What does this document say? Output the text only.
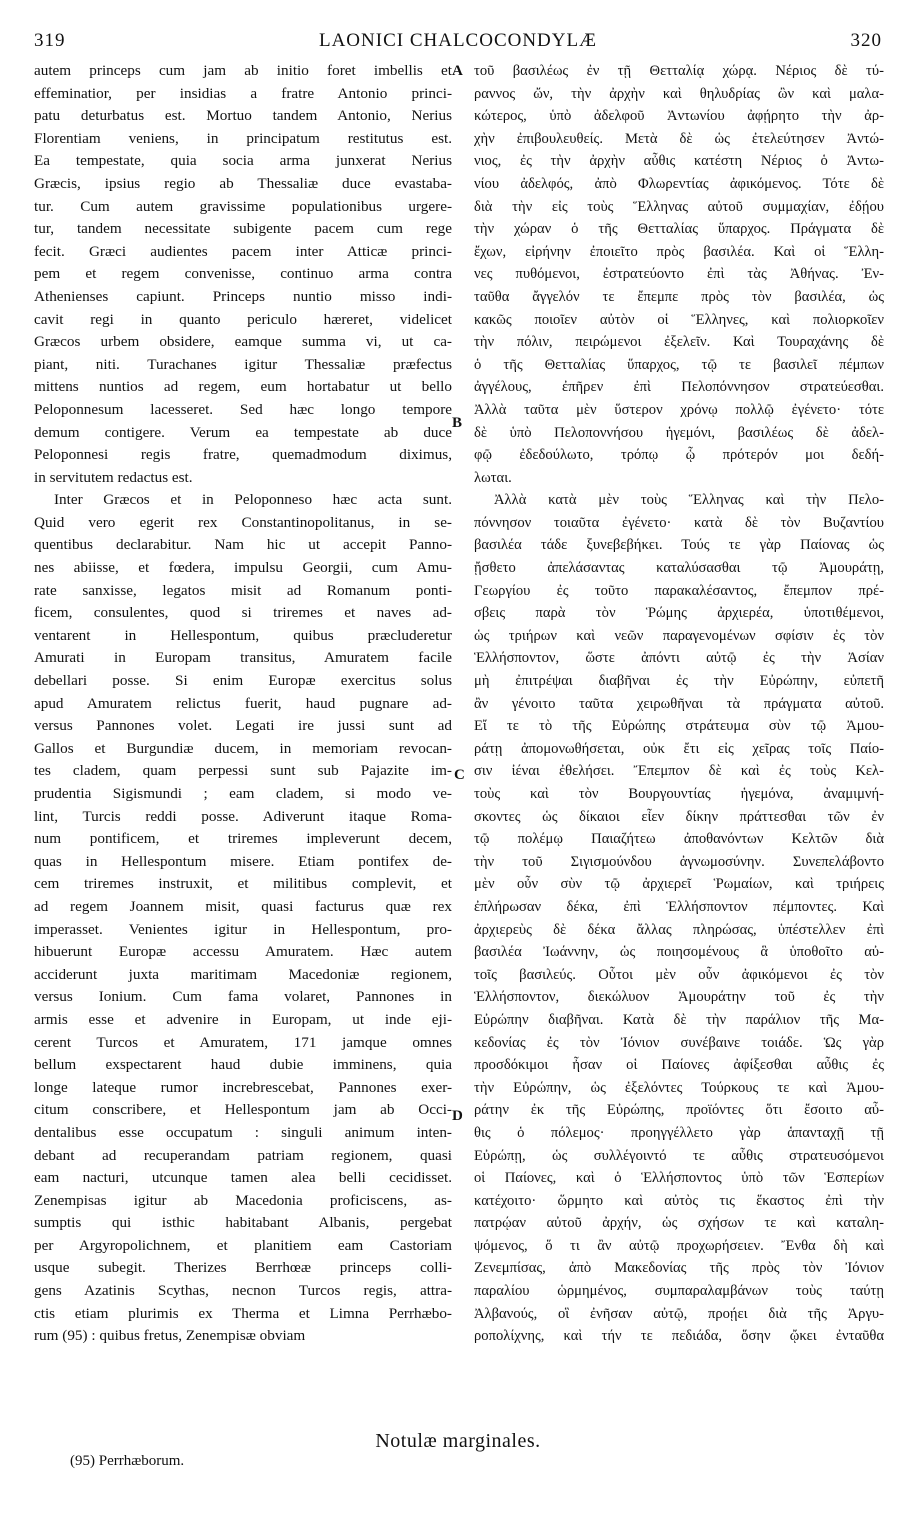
319	LAONICI CHALCOCONDYLÆ	320
autem princeps cum jam ab initio foret imbellis et
effeminatior, per insidias a fratre Antonio princi-
patu deturbatus est. Mortuo tandem Antonio, Nerius
Florentiam veniens, in principatum restitutus est.
Ea tempestate, quia socia arma junxerat Nerius
Græcis, ipsius regio ab Thessaliæ duce evastaba-
tur. Cum autem gravissime populationibus urgere-
tur, tandem necessitate subigente pacem cum rege
fecit. Græci audientes pacem inter Atticæ princi-
pem et regem convenisse, continuo arma contra
Athenienses capiunt. Princeps nuntio misso indi-
cavit regi in quanto periculo hæreret, videlicet
Græcos urbem obsidere, eamque summa vi, ut ca-
piant, niti. Turachanes igitur Thessaliæ præfectus
mittens nuntios ad regem, eum hortabatur ut bello
Peloponnesum lacesseret. Sed hæc longo tempore
demum contigere. Verum ea tempestate ab duce
Peloponnesi regis fratre, quemadmodum diximus,
in servitutem redactus est.
Inter Græcos et in Peloponneso hæc acta sunt.
Quid vero egerit rex Constantinopolitanus, in se-
quentibus declarabitur. Nam hic ut accepit Panno-
nes abiisse, et fœdera, impulsu Georgii, cum Amu-
rate sanxisse, legatos misit ad Romanum ponti-
ficem, consulentes, quod si triremes et naves ad-
ventarent in Hellespontum, quibus præcluderetur
Amurati in Europam transitus, Amuratem facile
debellari posse. Si enim Europæ exercitus solus
apud Amuratem relictus fuerit, haud pugnare ad-
versus Pannones volet. Legati ire jussi sunt ad
Gallos et Burgundiæ ducem, in memoriam revocan-
tes cladem, quam perpessi sunt sub Pajazite im-
prudentia Sigismundi ; eam cladem, si modo ve-
lint, Turcis reddi posse. Adiverunt itaque Roma-
num pontificem, et triremes impleverunt decem,
quas in Hellespontum misere. Etiam pontifex de-
cem triremes instruxit, et militibus complevit, et
ad regem Joannem misit, quasi facturus quæ rex
imperasset. Venientes igitur in Hellespontum, pro-
hibuerunt Europæ accessu Amuratem. Hæc autem
acciderunt juxta maritimam Macedoniæ regionem,
versus Ionium. Cum fama volaret, Pannones in
armis esse et advenire in Europam, ut inde eji-
cerent Turcos et Amuratem, 171 jamque omnes
bellum exspectarent haud dubie imminens, quia
longe lateque rumor increbrescebat, Pannones exer-
citum conscribere, et Hellespontum jam ab Occi-
dentalibus esse occupatum : singuli animum inten-
debant ad recuperandam patriam regionem, quasi
eam nacturi, utcunque tamen alea belli cecidisset.
Zenempisas igitur ab Macedonia proficiscens, as-
sumptis qui isthic habitabant Albanis, pergebat
per Argyropolichnem, et planitiem eam Castoriam
usque subegit. Therizes Berrhœæ princeps colli-
gens Azatinis Scythas, necnon Turcos regis, attra-
ctis etiam plurimis ex Therma et Limna Perrhæbo-
rum (95) : quibus fretus, Zenempisæ obviam
τοῦ βασιλέως ἐν τῇ Θετταλίᾳ χώρᾳ. Νέριος δὲ τύ-
ραννος ὤν, τὴν ἀρχὴν καὶ θηλυδρίας ὢν καὶ μαλα-
κώτερος, ὑπὸ ἀδελφοῦ Ἀντωνίου ἀφῄρητο τὴν ἀρ-
χὴν ἐπιβουλευθείς. Μετὰ δὲ ὡς ἐτελεύτησεν Ἀντώ-
νιος, ἐς τὴν ἀρχὴν αὖθις κατέστη Νέριος ὁ Ἀντω-
νίου ἀδελφός, ἀπὸ Φλωρεντίας ἀφικόμενος. Τότε δὲ
διὰ τὴν εἰς τοὺς Ἕλληνας αὐτοῦ συμμαχίαν, ἐδῄου
τὴν χώραν ὁ τῆς Θετταλίας ὕπαρχος. Πράγματα δὲ
ἔχων, εἰρήνην ἐποιεῖτο πρὸς βασιλέα. Καὶ οἱ Ἕλλη-
νες πυθόμενοι, ἐστρατεύοντο ἐπὶ τὰς Ἀθήνας. Ἐν-
ταῦθα ἄγγελόν τε ἔπεμπε πρὸς τὸν βασιλέα, ὡς
κακῶς ποιοῖεν αὐτὸν οἱ Ἕλληνες, καὶ πολιορκοῖεν
τὴν πόλιν, πειρώμενοι ἐξελεῖν. Καὶ Τουραχάνης δὲ
ὁ τῆς Θετταλίας ὕπαρχος, τῷ τε βασιλεῖ πέμπων
ἀγγέλους, ἐπῆρεν ἐπὶ Πελοπόννησον στρατεύεσθαι.
Ἀλλὰ ταῦτα μὲν ὕστερον χρόνῳ πολλῷ ἐγένετο· τότε
δὲ ὑπὸ Πελοποννήσου ἡγεμόνι, βασιλέως δὲ ἀδελ-
φῷ ἐδεδούλωτο, τρόπῳ ᾧ πρότερόν μοι δεδή-
λωται.
Ἀλλὰ κατὰ μὲν τοὺς Ἕλληνας καὶ τὴν Πελο-
πόννησον τοιαῦτα ἐγένετο· κατὰ δὲ τὸν Βυζαντίου
βασιλέα τάδε ξυνεβεβήκει. Τούς τε γὰρ Παίονας ὡς
ᾔσθετο ἀπελάσαντας καταλύσασθαι τῷ Ἀμουράτῃ,
Γεωργίου ἐς τοῦτο παρακαλέσαντος, ἔπεμπον πρέ-
σβεις παρὰ τὸν Ῥώμης ἀρχιερέα, ὑποτιθέμενοι,
ὡς τριήρων καὶ νεῶν παραγενομένων σφίσιν ἐς τὸν
Ἑλλήσποντον, ὥστε ἀπόντι αὐτῷ ἐς τὴν Ἀσίαν
μὴ ἐπιτρέψαι διαβῆναι ἐς τὴν Εὐρώπην, εὐπετῆ
ἂν γένοιτο ταῦτα χειρωθῆναι τὰ πράγματα αὐτοῦ.
Εἴ τε τὸ τῆς Εὐρώπης στράτευμα σὺν τῷ Ἀμου-
ράτῃ ἀπομονωθήσεται, οὐκ ἔτι εἰς χεῖρας τοῖς Παίο-
σιν ἰέναι ἐθελήσει. Ἔπεμπον δὲ καὶ ἐς τοὺς Κελ-
τοὺς καὶ τὸν Βουργουντίας ἡγεμόνα, ἀναμιμνή-
σκοντες ὡς δίκαιοι εἶεν δίκην πράττεσθαι τῶν ἐν
τῷ πολέμῳ Παιαζήτεω ἀποθανόντων Κελτῶν διὰ
τὴν τοῦ Σιγισμούνδου ἀγνωμοσύνην. Συνεπελάβοντο
μὲν οὖν σὺν τῷ ἀρχιερεῖ Ῥωμαίων, καὶ τριήρεις
ἐπλήρωσαν δέκα, ἐπὶ Ἑλλήσποντον πέμποντες. Καὶ
ἀρχιερεὺς δὲ δέκα ἄλλας πληρώσας, ὑπέστελλεν ἐπὶ
βασιλέα Ἰωάννην, ὡς ποιησομένους ἃ ὑποθοῖτο αὐ-
τοῖς βασιλεύς. Οὗτοι μὲν οὖν ἀφικόμενοι ἐς τὸν
Ἑλλήσποντον, διεκώλυον Ἀμουράτην τοῦ ἐς τὴν
Εὐρώπην διαβῆναι. Κατὰ δὲ τὴν παράλιον τῆς Μα-
κεδονίας ἐς τὸν Ἰόνιον συνέβαινε τοιάδε. Ὡς γὰρ
προσδόκιμοι ἦσαν οἱ Παίονες ἀφίξεσθαι αὖθις ἐς
τὴν Εὐρώπην, ὡς ἐξελόντες Τούρκους τε καὶ Ἀμου-
ράτην ἐκ τῆς Εὐρώπης, προϊόντες ὅτι ἔσοιτο αὖ-
θις ὁ πόλεμος· προηγγέλλετο γὰρ ἁπανταχῇ τῇ
Εὐρώπῃ, ὡς συλλέγοιντό τε αὖθις στρατευσόμενοι
οἱ Παίονες, καὶ ὁ Ἑλλήσποντος ὑπὸ τῶν Ἑσπερίων
κατέχοιτο· ὥρμητο καὶ αὐτὸς τις ἕκαστος ἐπὶ τὴν
πατρῴαν αὐτοῦ ἀρχήν, ὡς σχήσων τε καὶ καταλη-
ψόμενος, ὅ τι ἂν αὐτῷ προχωρήσειεν. Ἔνθα δὴ καὶ
Ζενεμπίσας, ἀπὸ Μακεδονίας τῆς πρὸς τὸν Ἰόνιον
παραλίου ὡρμημένος, συμπαραλαμβάνων τοὺς ταύτῃ
Ἀλβανούς, οἳ ἐνῆσαν αὐτῷ, προῄει διὰ τῆς Ἀργυ-
ροπολίχνης, καὶ τήν τε πεδιάδα, ὅσην ᾤκει ἐνταῦθα
A
B
C
D
Notulæ marginales.
(95) Perrhæborum.
